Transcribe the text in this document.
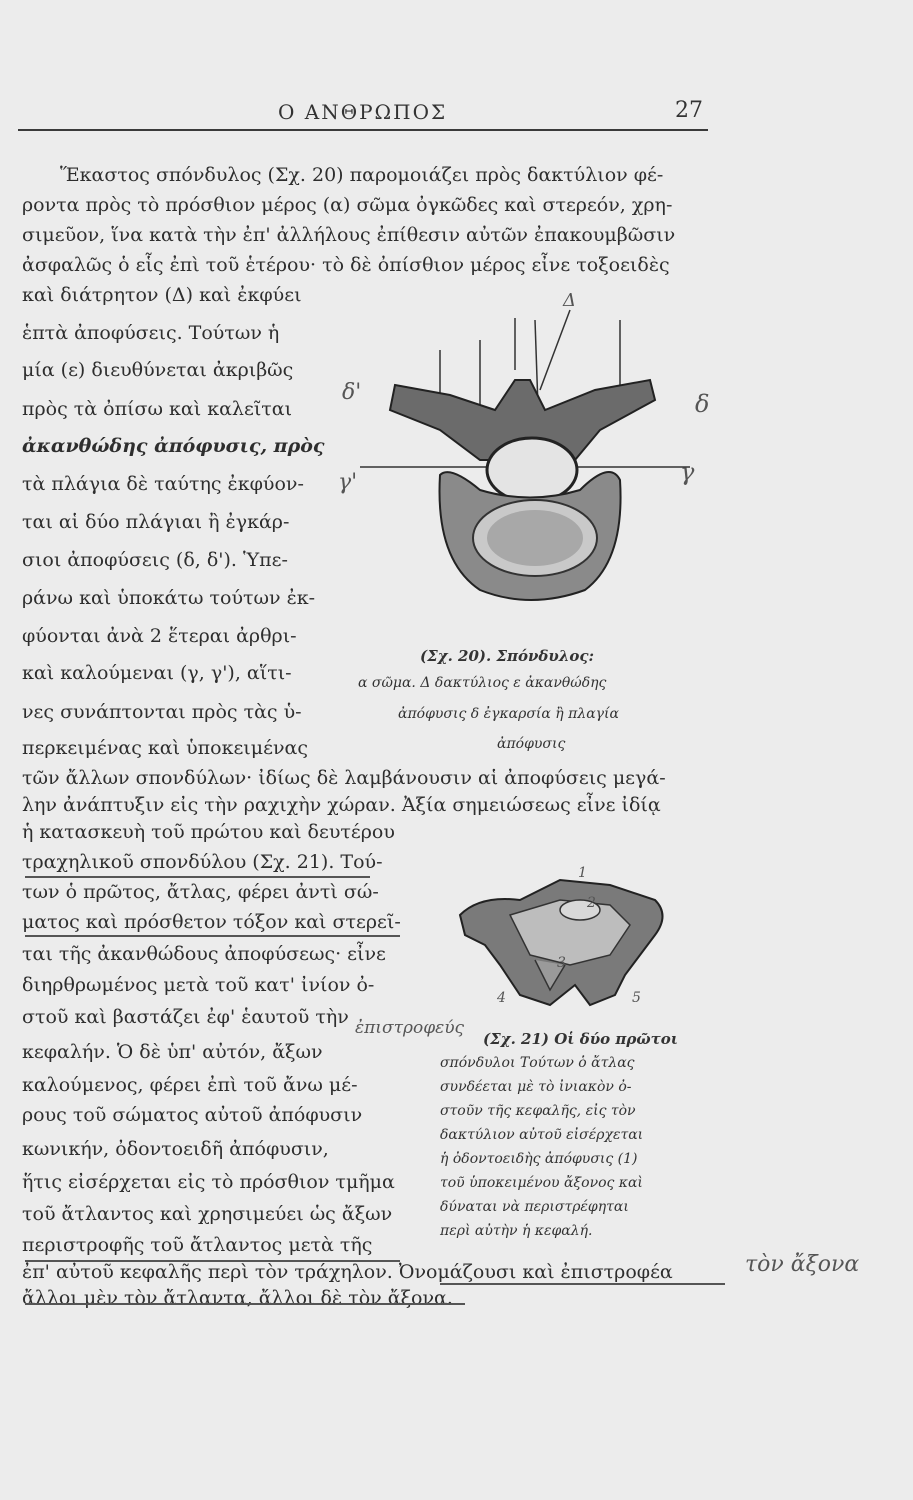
Ο ΑΝΘΡΩΠΟΣ	27
Ἕκαστος σπόνδυλος (Σχ. 20) παρομοιάζει πρὸς δακτύλιον φέ-
ροντα πρὸς τὸ πρόσθιον μέρος (α) σῶμα ὀγκῶδες καὶ στερεόν, χρη-
σιμεῦον, ἵνα κατὰ τὴν ἐπ' ἀλλήλους ἐπίθεσιν αὐτῶν ἐπακουμβῶσιν
ἀσφαλῶς ὁ εἷς ἐπὶ τοῦ ἑτέρου· τὸ δὲ ὀπίσθιον μέρος εἶνε τοξοειδὲς
καὶ διάτρητον (Δ) καὶ ἐκφύει
ἑπτὰ ἀποφύσεις. Τούτων ἡ
μία (ε) διευθύνεται ἀκριβῶς
πρὸς τὰ ὀπίσω καὶ καλεῖται
ἀκανθώδης ἀπόφυσις, πρὸς
τὰ πλάγια δὲ ταύτης ἐκφύον-
ται αἱ δύο πλάγιαι ἢ ἐγκάρ-
σιοι ἀποφύσεις (δ, δ'). Ὑπε-
ράνω καὶ ὑποκάτω τούτων ἐκ-
φύονται ἀνὰ 2 ἕτεραι ἀρθρι-
καὶ καλούμεναι (γ, γ'), αἵτι-
νες συνάπτονται πρὸς τὰς ὑ-
περκειμένας καὶ ὑποκειμένας
Δ
δ'	δ
γ'	γ
(Σχ. 20). Σπόνδυλος:
α σῶμα. Δ δακτύλιος ε ἀκανθώδης
ἀπόφυσις δ ἐγκαρσία ἢ πλαγία
ἀπόφυσις
τῶν ἄλλων σπονδύλων· ἰδίως δὲ λαμβάνουσιν αἱ ἀποφύσεις μεγά-
λην ἀνάπτυξιν εἰς τὴν ραχιχὴν χώραν. Ἀξία σημειώσεως εἶνε ἰδίᾳ
ἡ κατασκευὴ τοῦ πρώτου καὶ δευτέρου
τραχηλικοῦ σπονδύλου (Σχ. 21). Τού-
των ὁ πρῶτος, ἄτλας, φέρει ἀντὶ σώ-
ματος καὶ πρόσθετον τόξον καὶ στερεῖ-
ται τῆς ἀκανθώδους ἀποφύσεως· εἶνε
διηρθρωμένος μετὰ τοῦ κατ' ἰνίον ὀ-
στοῦ καὶ βαστάζει ἐφ' ἑαυτοῦ τὴν
κεφαλήν. Ὁ δὲ ὑπ' αὐτόν, ἄξων
καλούμενος, φέρει ἐπὶ τοῦ ἄνω μέ-
ρους τοῦ σώματος αὐτοῦ ἀπόφυσιν
κωνικήν, ὀδοντοειδῆ ἀπόφυσιν,
ἥτις εἰσέρχεται εἰς τὸ πρόσθιον τμῆμα
τοῦ ἄτλαντος καὶ χρησιμεύει ὡς ἄξων
περιστροφῆς τοῦ ἄτλαντος μετὰ τῆς
1
2
3
4	5
(Σχ. 21) Οἱ δύο πρῶτοι
σπόνδυλοι Τούτων ὁ ἄτλας
συνδέεται μὲ τὸ ἰνιακὸν ὀ-
στοῦν τῆς κεφαλῆς, εἰς τὸν
δακτύλιον αὐτοῦ εἰσέρχεται
ἡ ὀδοντοειδὴς ἀπόφυσις (1)
τοῦ ὑποκειμένου ἄξονος καὶ
δύναται νὰ περιστρέφηται
περὶ αὐτὴν ἡ κεφαλή.
ἐπ' αὐτοῦ κεφαλῆς περὶ τὸν τράχηλον. Ὀνομάζουσι καὶ ἐπιστροφέα
ἄλλοι μὲν τὸν ἄτλαντα, ἄλλοι δὲ τὸν ἄξονα.
ἐπιστροφεύς
τὸν ἄξονα
